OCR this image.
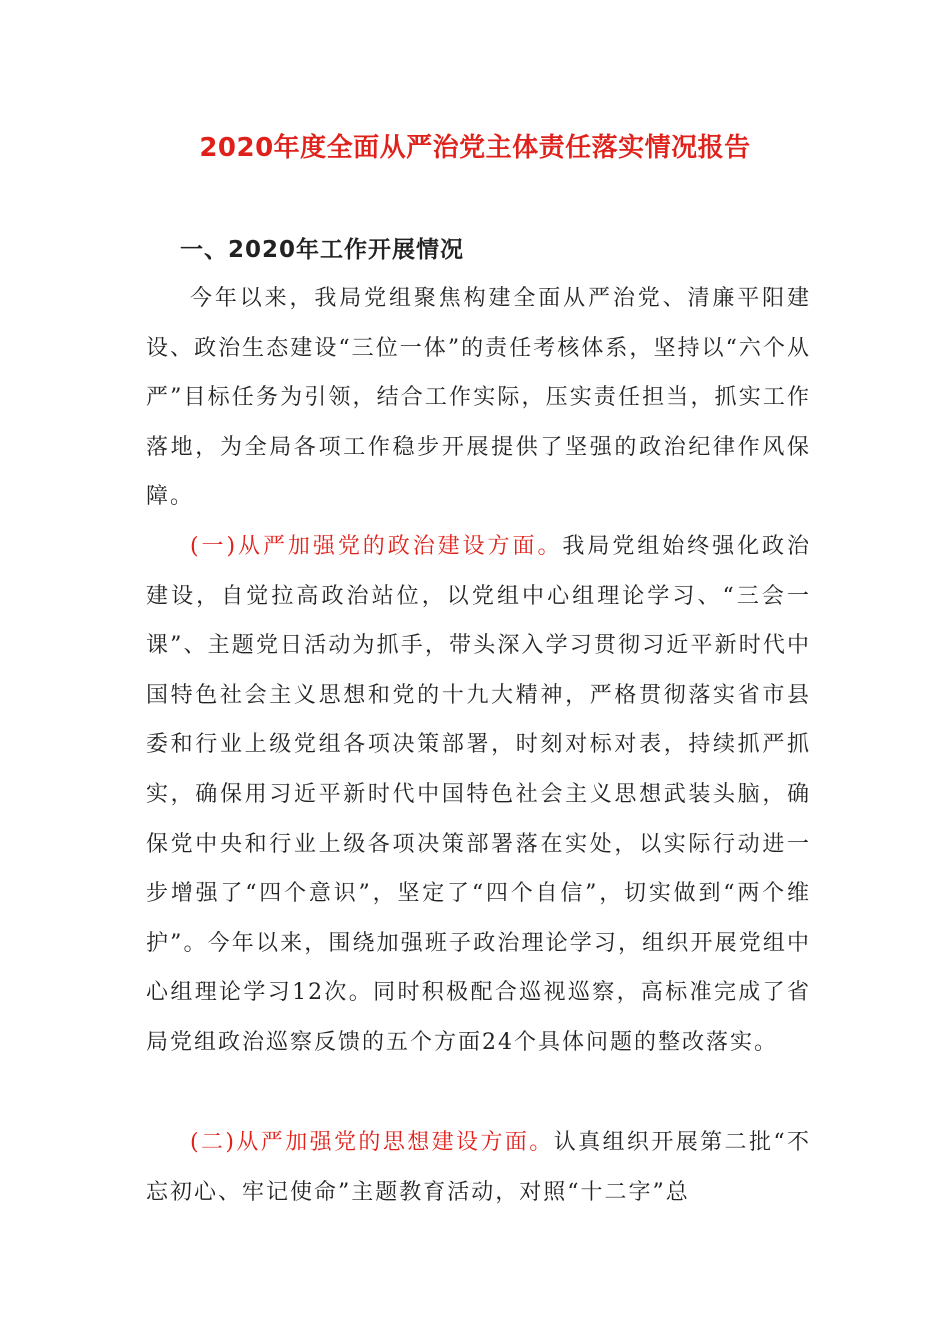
2020年度全面从严治党主体责任落实情况报告
一、2020年工作开展情况

今年以来，我局党组聚焦构建全面从严治党、清廉平阳建设、政治生态建设“三位一体”的责任考核体系，坚持以“六个从严”目标任务为引领，结合工作实际，压实责任担当，抓实工作落地，为全局各项工作稳步开展提供了坚强的政治纪律作风保障。

(一)从严加强党的政治建设方面。我局党组始终强化政治建设，自觉拉高政治站位，以党组中心组理论学习、“三会一课”、主题党日活动为抓手，带头深入学习贯彻习近平新时代中国特色社会主义思想和党的十九大精神，严格贯彻落实省市县委和行业上级党组各项决策部署，时刻对标对表，持续抓严抓实，确保用习近平新时代中国特色社会主义思想武装头脑，确保党中央和行业上级各项决策部署落在实处，以实际行动进一步增强了“四个意识”，坚定了“四个自信”，切实做到“两个维护”。今年以来，围绕加强班子政治理论学习，组织开展党组中心组理论学习12次。同时积极配合巡视巡察，高标准完成了省局党组政治巡察反馈的五个方面24个具体问题的整改落实。

(二)从严加强党的思想建设方面。认真组织开展第二批“不忘初心、牢记使命”主题教育活动，对照“十二字”总
